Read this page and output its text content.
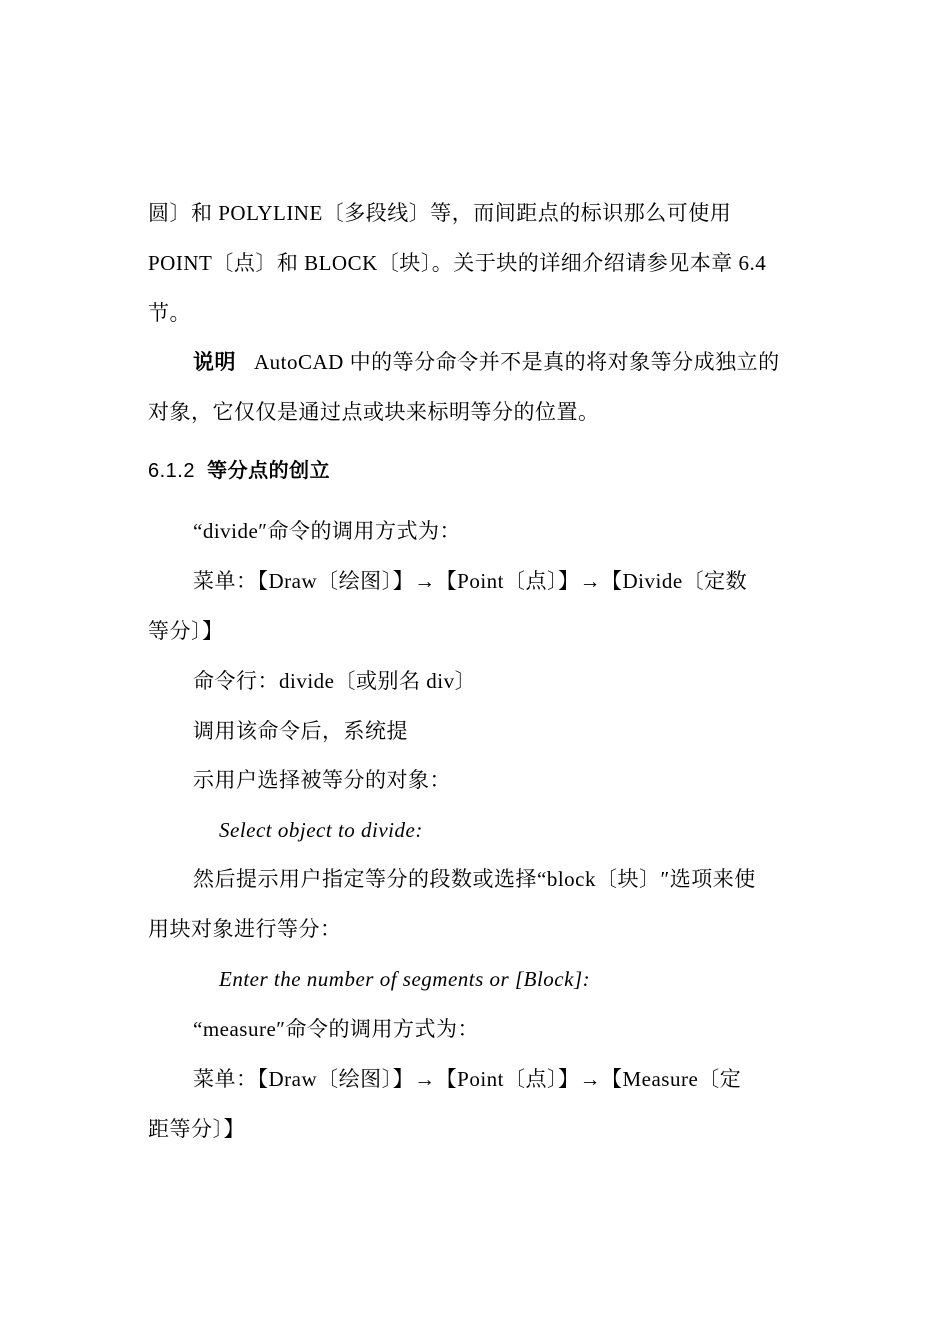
圆〕和 POLYLINE〔多段线〕等，而间距点的标识那么可使用
POINT〔点〕和 BLOCK〔块〕。关于块的详细介绍请参见本章 6.4
节。
说明 AutoCAD 中的等分命令并不是真的将对象等分成独立的
对象，它仅仅是通过点或块来标明等分的位置。
6.1.2 等分点的创立
“divide″命令的调用方式为：
菜单：【Draw〔绘图〕】→【Point〔点〕】→【Divide〔定数
等分〕】
命令行：divide〔或别名 div〕
调用该命令后，系统提
示用户选择被等分的对象：
Select object to divide:
然后提示用户指定等分的段数或选择“block〔块〕″选项来使
用块对象进行等分：
Enter the number of segments or [Block]:
“measure″命令的调用方式为：
菜单：【Draw〔绘图〕】→【Point〔点〕】→【Measure〔定
距等分〕】
